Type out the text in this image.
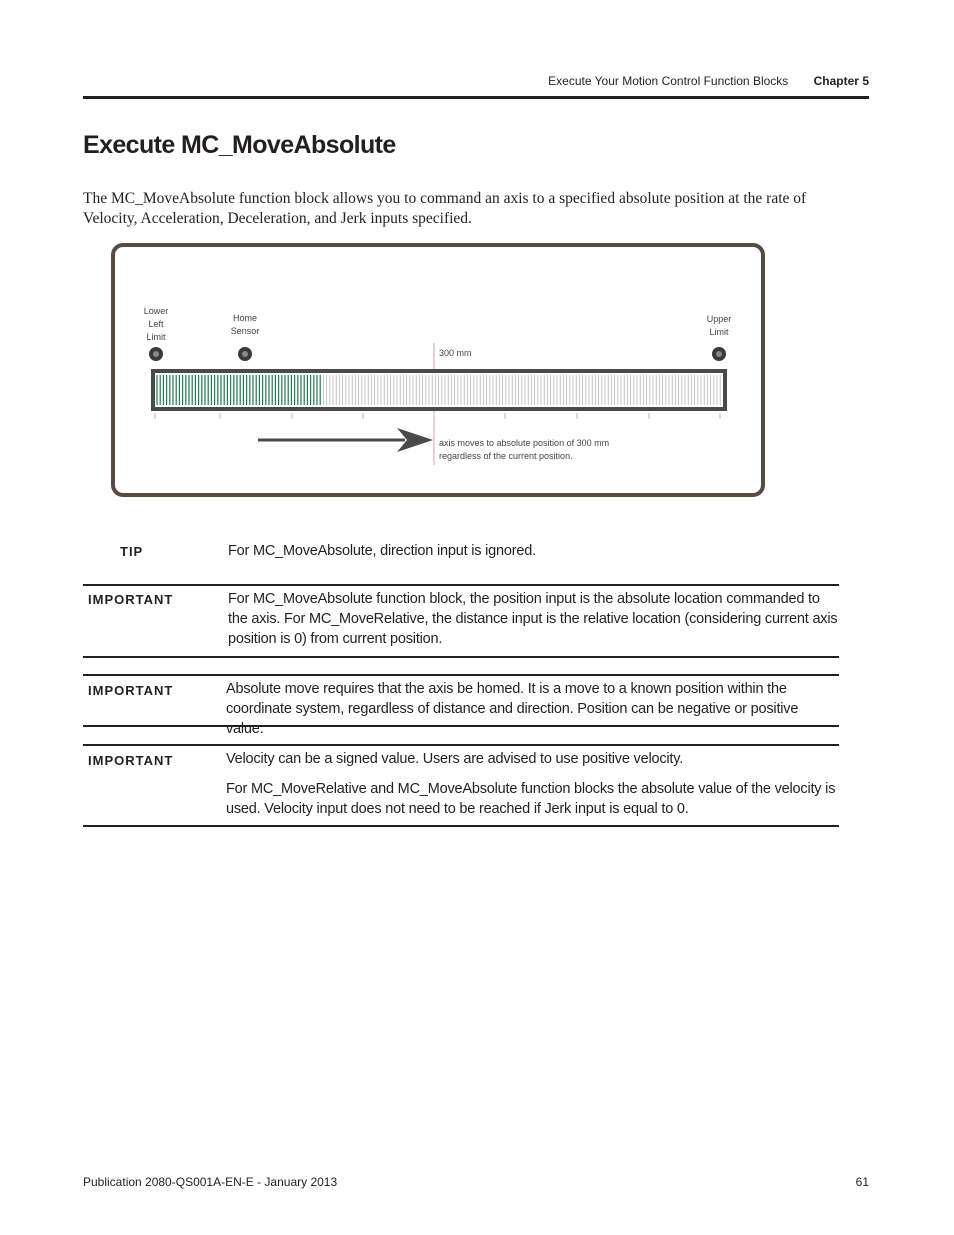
Execute Your Motion Control Function Blocks Chapter 5
Execute MC_MoveAbsolute
The MC_MoveAbsolute function block allows you to command an axis to a specified absolute position at the rate of Velocity, Acceleration, Deceleration, and Jerk inputs specified.
Lower
Left
Limit
Home
Sensor
Upper
Limit
300 mm
axis moves to absolute position of 300 mm
regardless of the current position.
TIP	For MC_MoveAbsolute, direction input is ignored.

IMPORTANT	For MC_MoveAbsolute function block, the position input is the absolute location commanded to the axis. For MC_MoveRelative, the distance input is the relative location (considering current axis position is 0) from current position.

IMPORTANT	Absolute move requires that the axis be homed. It is a move to a known position within the coordinate system, regardless of distance and direction. Position can be negative or positive value.

IMPORTANT	Velocity can be a signed value. Users are advised to use positive velocity.

For MC_MoveRelative and MC_MoveAbsolute function blocks the absolute value of the velocity is used. Velocity input does not need to be reached if Jerk input is equal to 0.

Publication 2080-QS001A-EN-E - January 2013	61
